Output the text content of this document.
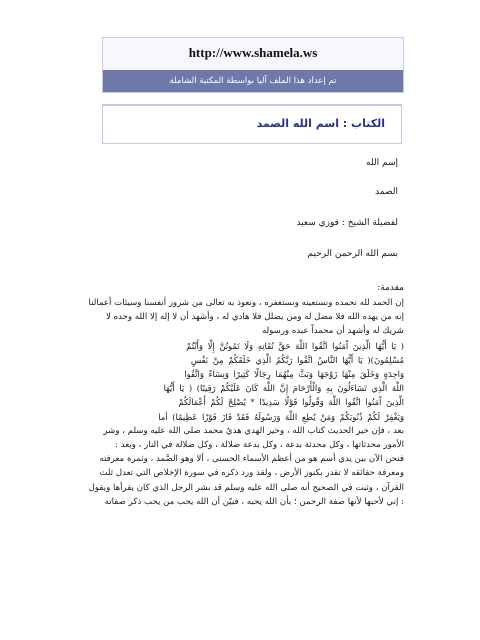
http://www.shamela.ws
تم إعداد هذا الملف آليا بواسطة المكتبة الشاملة
الكتاب : اسم الله الصمد
إسم الله
الصمد
لفضيلة الشيخ : فوزي سعيد
بسم الله الرحمن الرحيم
مقدمة:

إن الحمد لله نحمده ونستعينه ونستغفره ، ونعوذ به تعالى من شرور أنفسنا وسيئات أعمالنا

إنه من يهده الله فلا مضل له ومن يضلل فلا هادي له ، وأشهد أن لا إله إلا الله وحده لا

شريك له وأشهد أن محمداً عبده ورسوله

( يَا أَيُّهَا الَّذِينَ آَمَنُوا اتَّقُوا اللَّهَ حَقَّ تُقَاتِهِ وَلَا تَمُوتُنَّ إِلَّا وَأَنْتُمْ

مُسْلِمُونَ)( يَا أَيُّهَا النَّاسُ اتَّقُوا رَبَّكُمُ الَّذِي خَلَقَكُمْ مِنْ نَفْسٍ

وَاحِدَةٍ وَخَلَقَ مِنْهَا زَوْجَهَا وَبَثَّ مِنْهُمَا رِجَالًا كَثِيرًا وَنِسَاءً وَاتَّقُوا

اللَّهَ الَّذِي تَسَاءَلُونَ بِهِ وَالْأَرْحَامَ إِنَّ اللَّهَ كَانَ عَلَيْكُمْ رَقِيبًا) ( يَا أَيُّهَا

الَّذِينَ آَمَنُوا اتَّقُوا اللَّهَ وَقُولُوا قَوْلًا سَدِيدًا * يُصْلِحْ لَكُمْ أَعْمَالَكُمْ

وَيَغْفِرْ لَكُمْ ذُنُوبَكُمْ وَمَنْ يُطِعِ اللَّهَ وَرَسُولَهُ فَقَدْ فَازَ فَوْزًا عَظِيمًا) أما

بعد ، فإن خير الحديث كتاب الله ، وخير الهدي هديُ محمد صلى الله عليه وسلم ، وشر

الأمور محدثاتها ، وكل محدثة بدعة ، وكل بدعة ضلالة ، وكل ضلالة في النار ، وبعد :

فنحن الآن بين يدي أسم هو من أعظم الأسماء الحسنى ، ألا وهو الصَّمد ، وثمرة معرفته

ومعرفة حقائقه لا تقدر بكنوز الأرض ، ولقد ورد ذكره في سورة الإخلاص التي تعدل ثلث

القرآن ، وثبت في الصحيح أنه صلى الله عليه وسلم قد بشر الرجل الذي كان يقرأها ويقول

: إني لأحبها لأنها صفة الرحمن ؛ بأن الله يحبه ، فبيّن أن الله يحب من يحب ذكر صفاته
